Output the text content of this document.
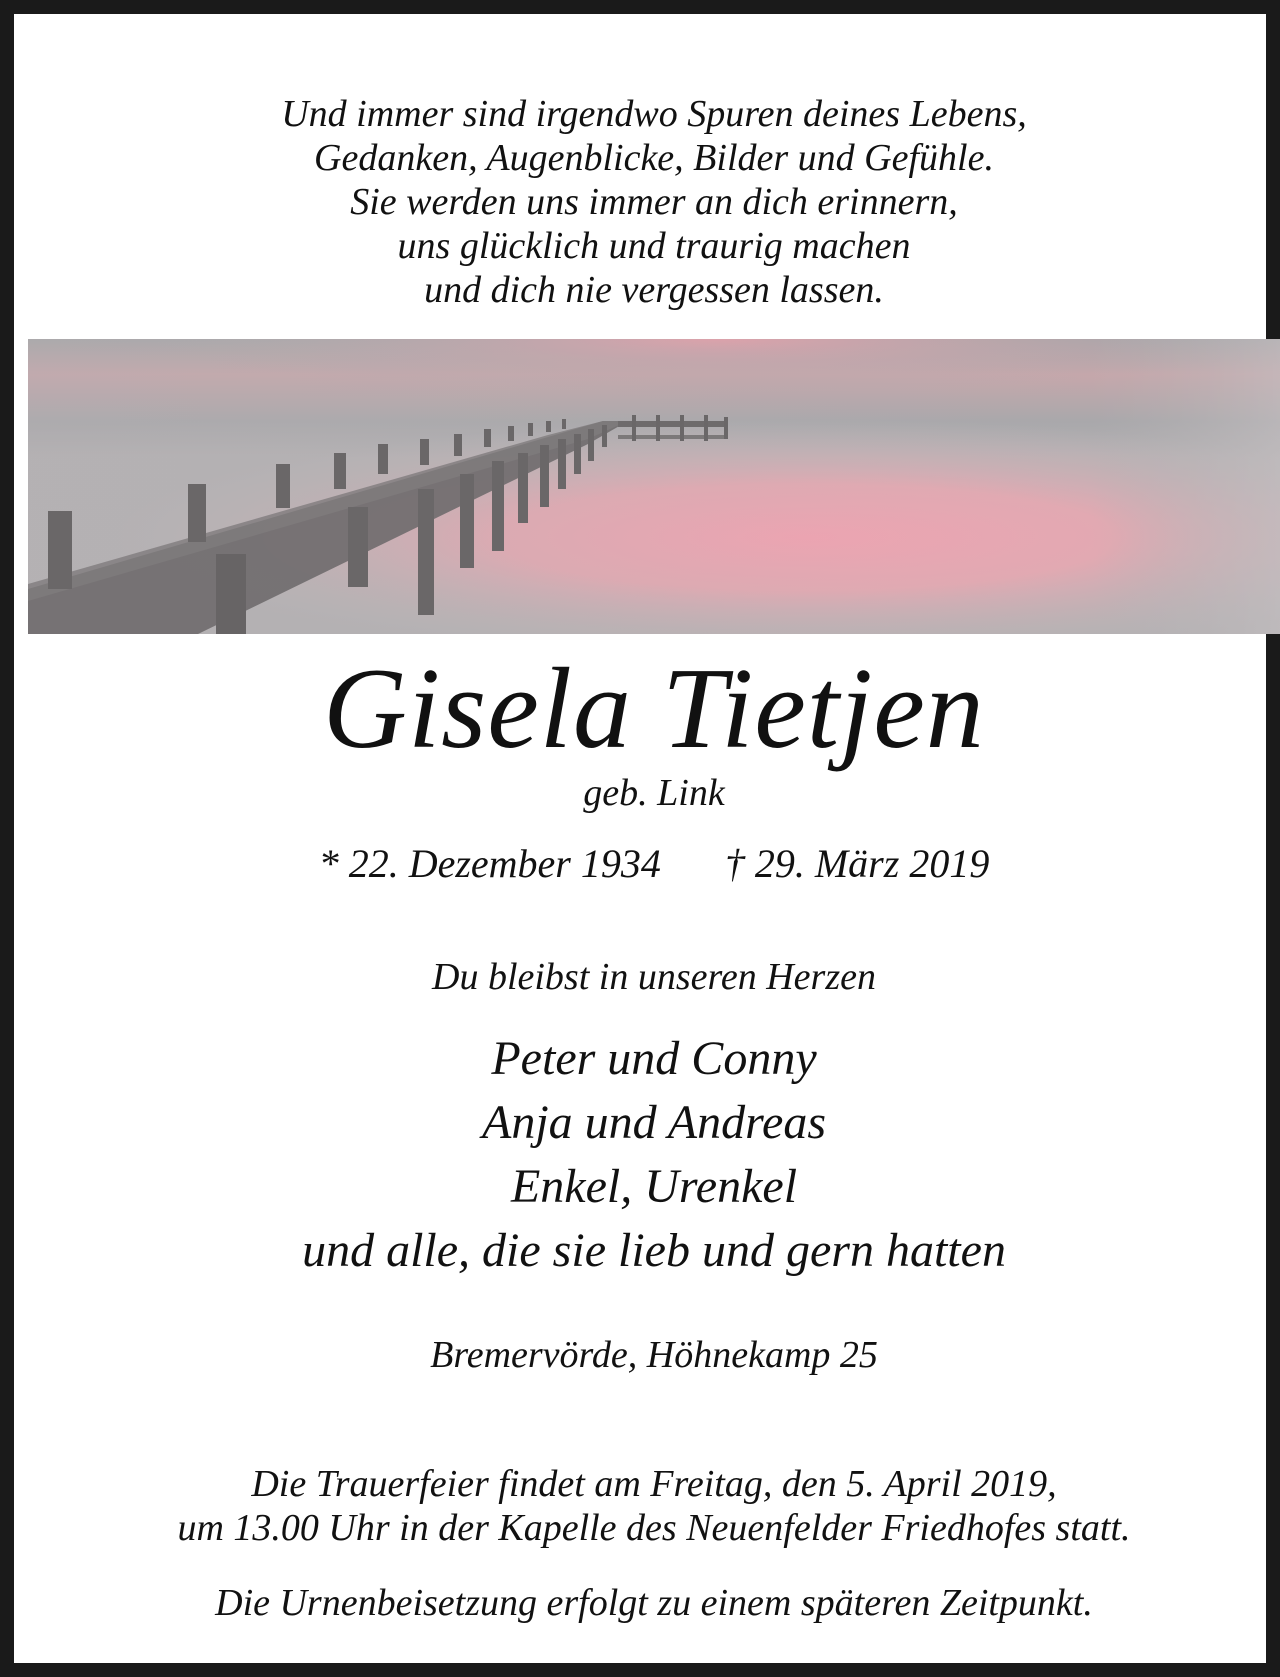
Und immer sind irgendwo Spuren deines Lebens,
Gedanken, Augenblicke, Bilder und Gefühle.
Sie werden uns immer an dich erinnern,
uns glücklich und traurig machen
und dich nie vergessen lassen.
Gisela Tietjen
geb. Link
* 22. Dezember 1934 † 29. März 2019
Du bleibst in unseren Herzen
Peter und Conny
Anja und Andreas
Enkel, Urenkel
und alle, die sie lieb und gern hatten
Bremervörde, Höhnekamp 25
Die Trauerfeier findet am Freitag, den 5. April 2019,
um 13.00 Uhr in der Kapelle des Neuenfelder Friedhofes statt.
Die Urnenbeisetzung erfolgt zu einem späteren Zeitpunkt.
